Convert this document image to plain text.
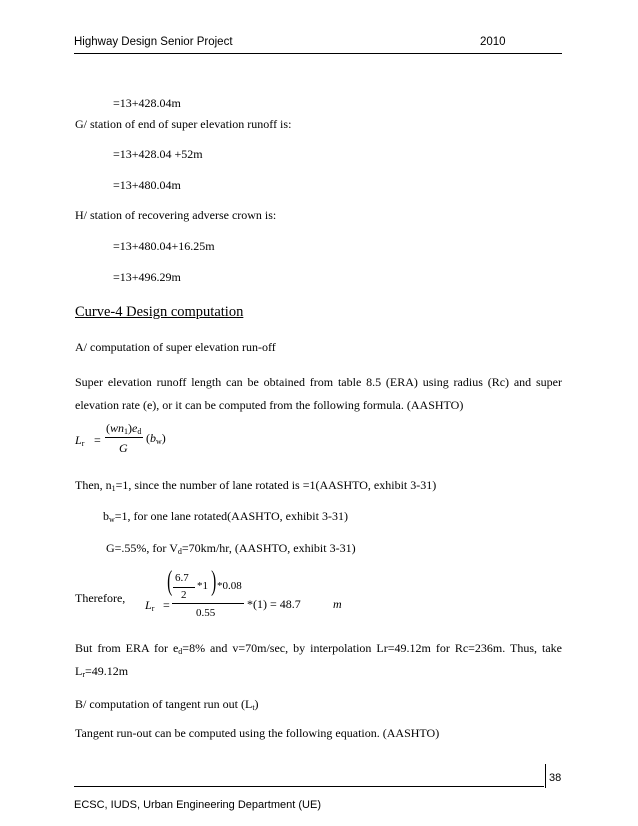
Highway Design Senior Project	2010
=13+428.04m
G/ station of end of super elevation runoff is:
=13+428.04 +52m
=13+480.04m
H/ station of recovering adverse crown is:
=13+480.04+16.25m
=13+496.29m
Curve-4 Design computation
A/ computation of super elevation run-off
Super elevation runoff length can be obtained from table 8.5 (ERA) using radius (Rc) and super
elevation rate (e), or it can be computed from the following formula. (AASHTO)
$L_r$ =
$(wn_1)e_d$
G
$(b_w)$
Then, $n_1=1$, since the number of lane rotated is =1(AASHTO, exhibit 3-31)
$b_w=1$, for one lane rotated(AASHTO, exhibit 3-31)
G=.55%, for $V_d=70km/hr$, (AASHTO, exhibit 3-31)
Therefore, $L_r$ =
( 6.7
2
*1 ) *0.08
0.55
*(1) = 48.7	m
But from ERA for $e_d=8\%$ and v=70m/sec, by interpolation Lr=49.12m for Rc=236m. Thus, take
$L_r=49.12m$
B/ computation of tangent run out $(L_t)$
Tangent run-out can be computed using the following equation. (AASHTO)
38
ECSC, IUDS, Urban Engineering Department (UE)
